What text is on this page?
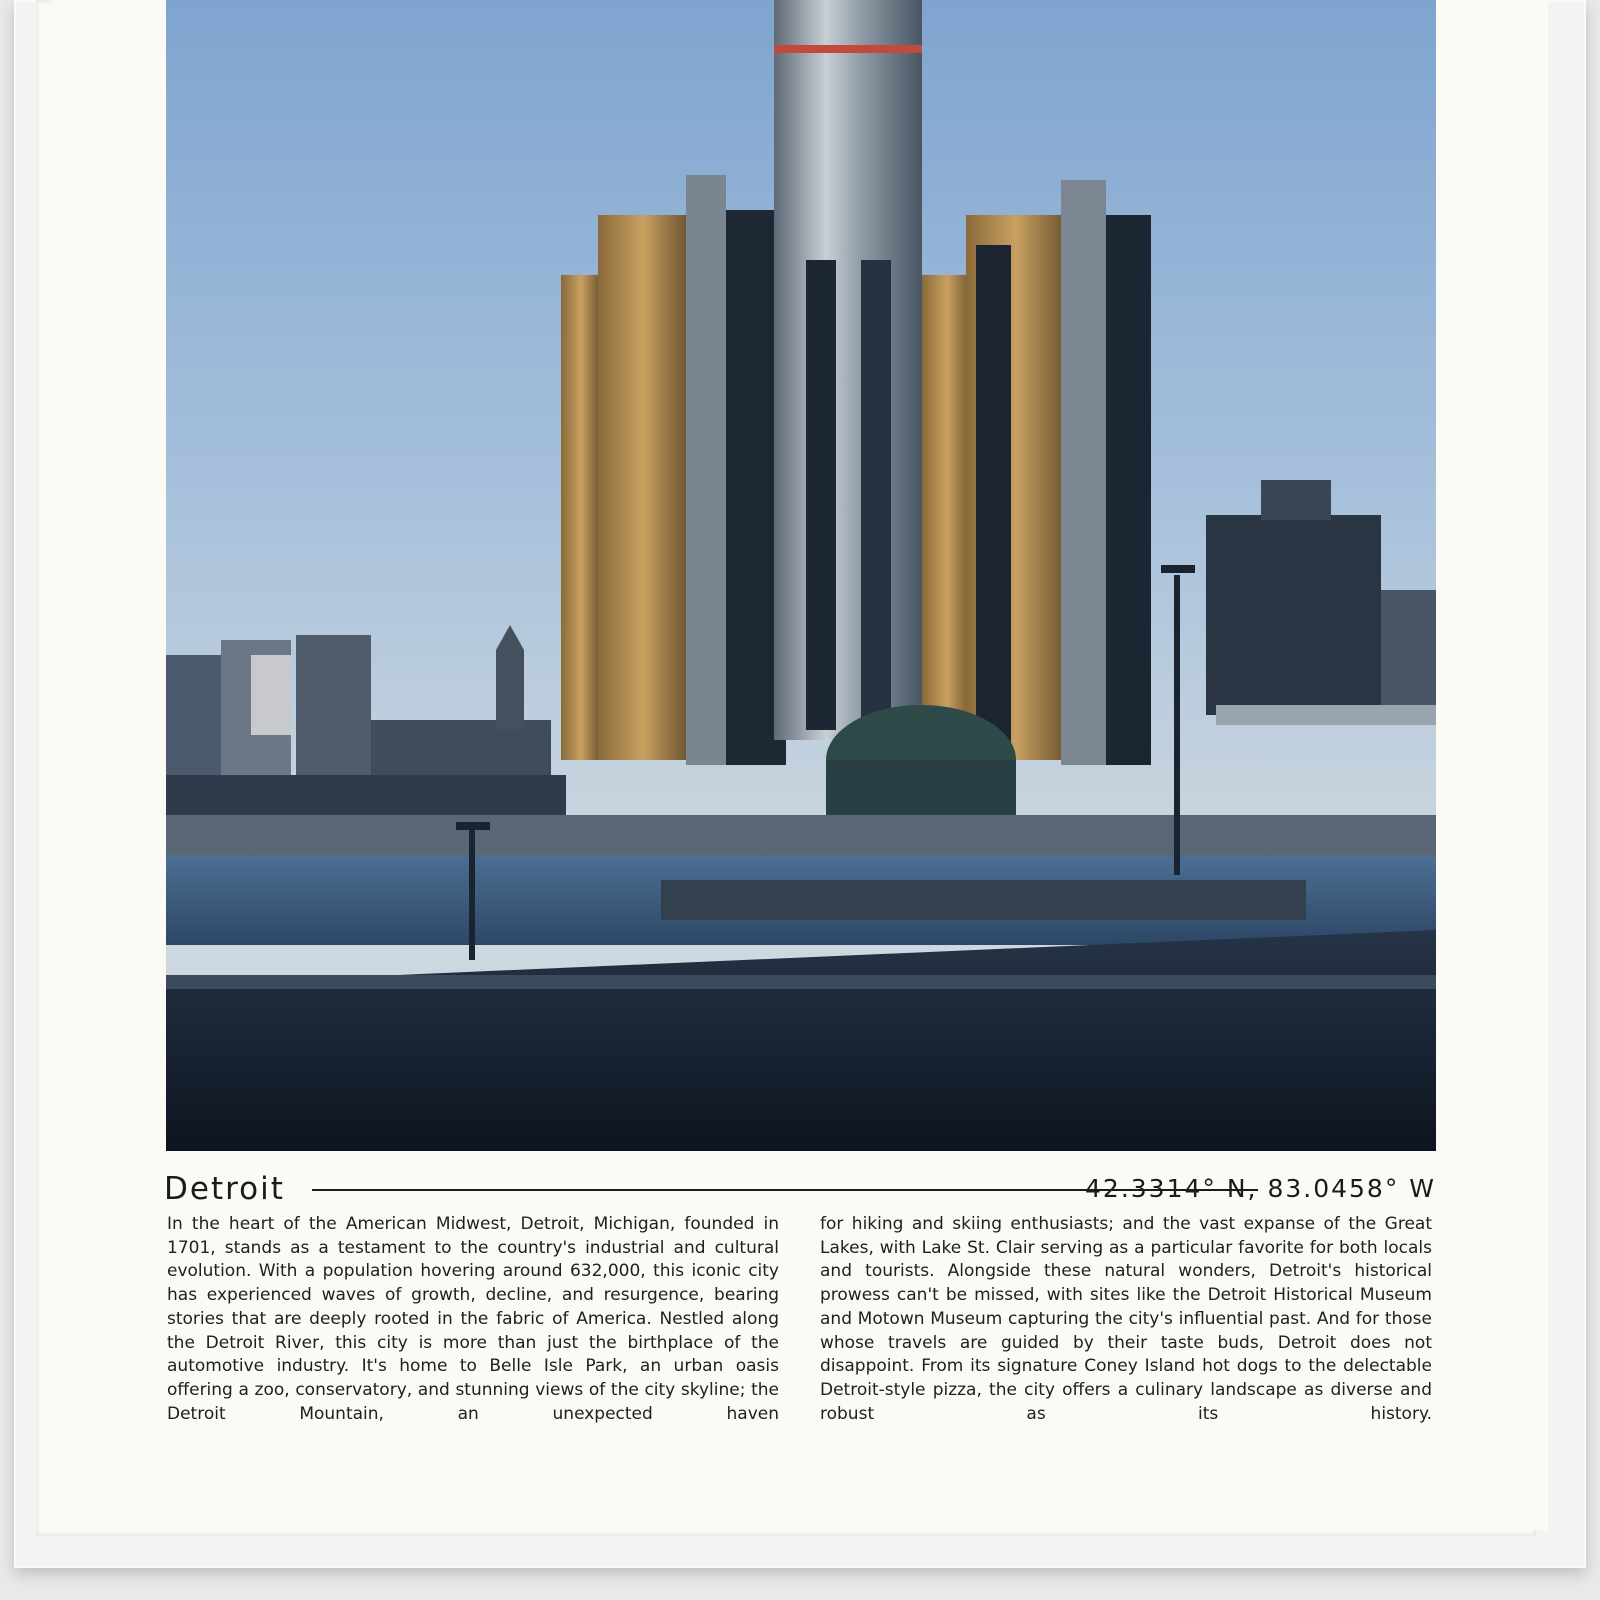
Detroit	42.3314° N, 83.0458° W

In the heart of the American Midwest, Detroit, Michigan, founded in 1701, stands as a testament to the country's industrial and cultural evolution. With a population hovering around 632,000, this iconic city has experienced waves of growth, decline, and resurgence, bearing stories that are deeply rooted in the fabric of America. Nestled along the Detroit River, this city is more than just the birthplace of the automotive industry. It's home to Belle Isle Park, an urban oasis offering a zoo, conservatory, and stunning views of the city skyline; the Detroit Mountain, an unexpected haven

for hiking and skiing enthusiasts; and the vast expanse of the Great Lakes, with Lake St. Clair serving as a particular favorite for both locals and tourists. Alongside these natural wonders, Detroit's historical prowess can't be missed, with sites like the Detroit Historical Museum and Motown Museum capturing the city's influential past. And for those whose travels are guided by their taste buds, Detroit does not disappoint. From its signature Coney Island hot dogs to the delectable Detroit-style pizza, the city offers a culinary landscape as diverse and robust as its history.
